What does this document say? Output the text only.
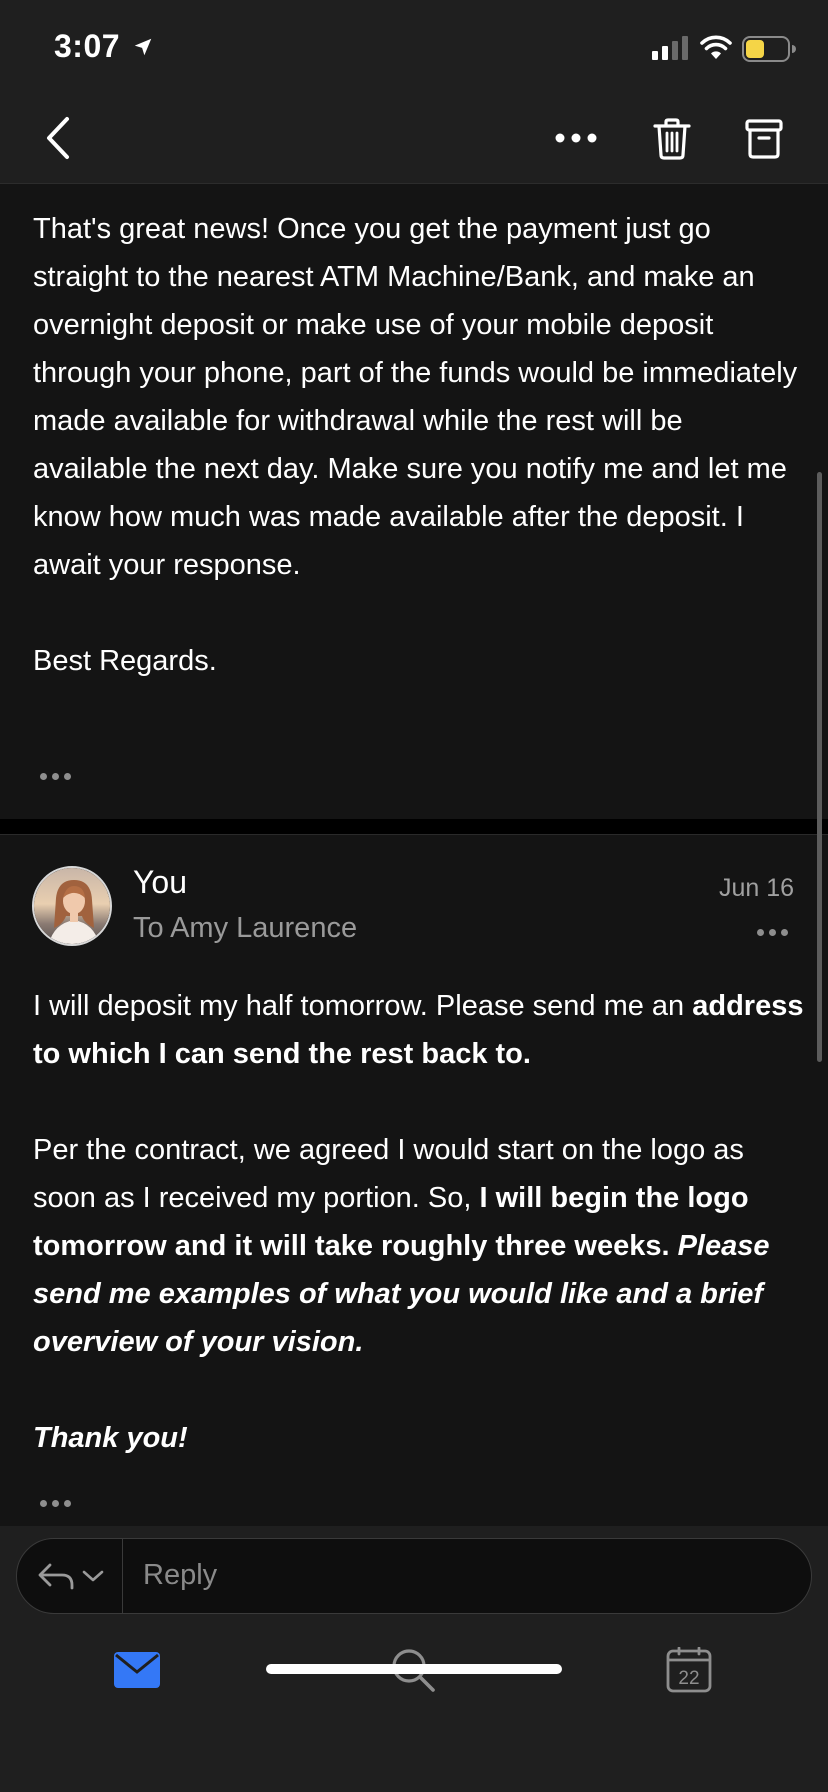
3:07
That's great news! Once you get the payment just go straight to the nearest ATM Machine/Bank, and make an overnight deposit or make use of your mobile deposit through your phone, part of the funds would be immediately made available for withdrawal while the rest will be available the next day. Make sure you notify me and let me know how much was made available after the deposit. I await your response.
Best Regards.
You
To Amy Laurence
Jun 16
I will deposit my half tomorrow. Please send me an address to which I can send the rest back to.
Per the contract, we agreed I would start on the logo as soon as I received my portion. So, I will begin the logo tomorrow and it will take roughly three weeks. Please send me examples of what you would like and a brief overview of your vision.
Thank you!
Reply
22
